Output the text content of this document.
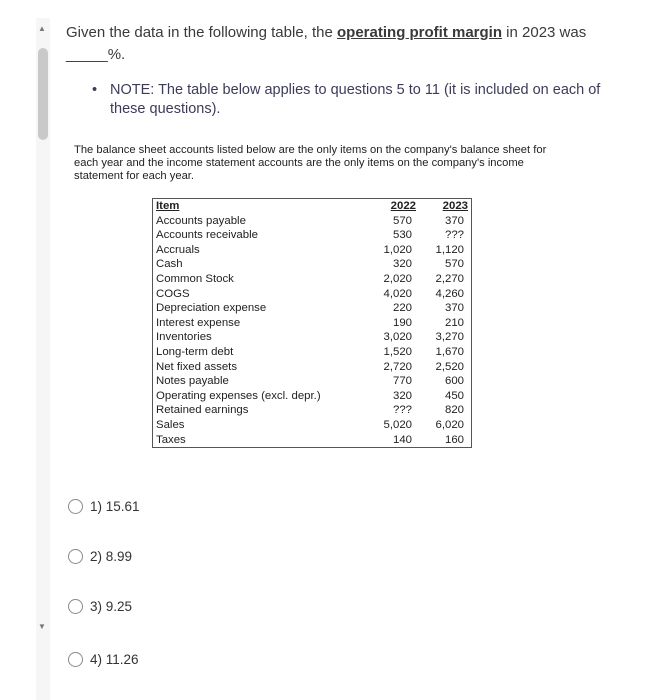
▲
▼
Given the data in the following table, the operating profit margin in 2023 was
_____%.
• NOTE: The table below applies to questions 5 to 11 (it is included on each of these questions).
The balance sheet accounts listed below are the only items on the company's balance sheet for each year and the income statement accounts are the only items on the company's income statement for each year.
Item	2022	2023
Accounts payable	570	370
Accounts receivable	530	???
Accruals	1,020	1,120
Cash	320	570
Common Stock	2,020	2,270
COGS	4,020	4,260
Depreciation expense	220	370
Interest expense	190	210
Inventories	3,020	3,270
Long-term debt	1,520	1,670
Net fixed assets	2,720	2,520
Notes payable	770	600
Operating expenses (excl. depr.)	320	450
Retained earnings	???	820
Sales	5,020	6,020
Taxes	140	160
1) 15.61
2) 8.99
3) 9.25
4) 11.26
